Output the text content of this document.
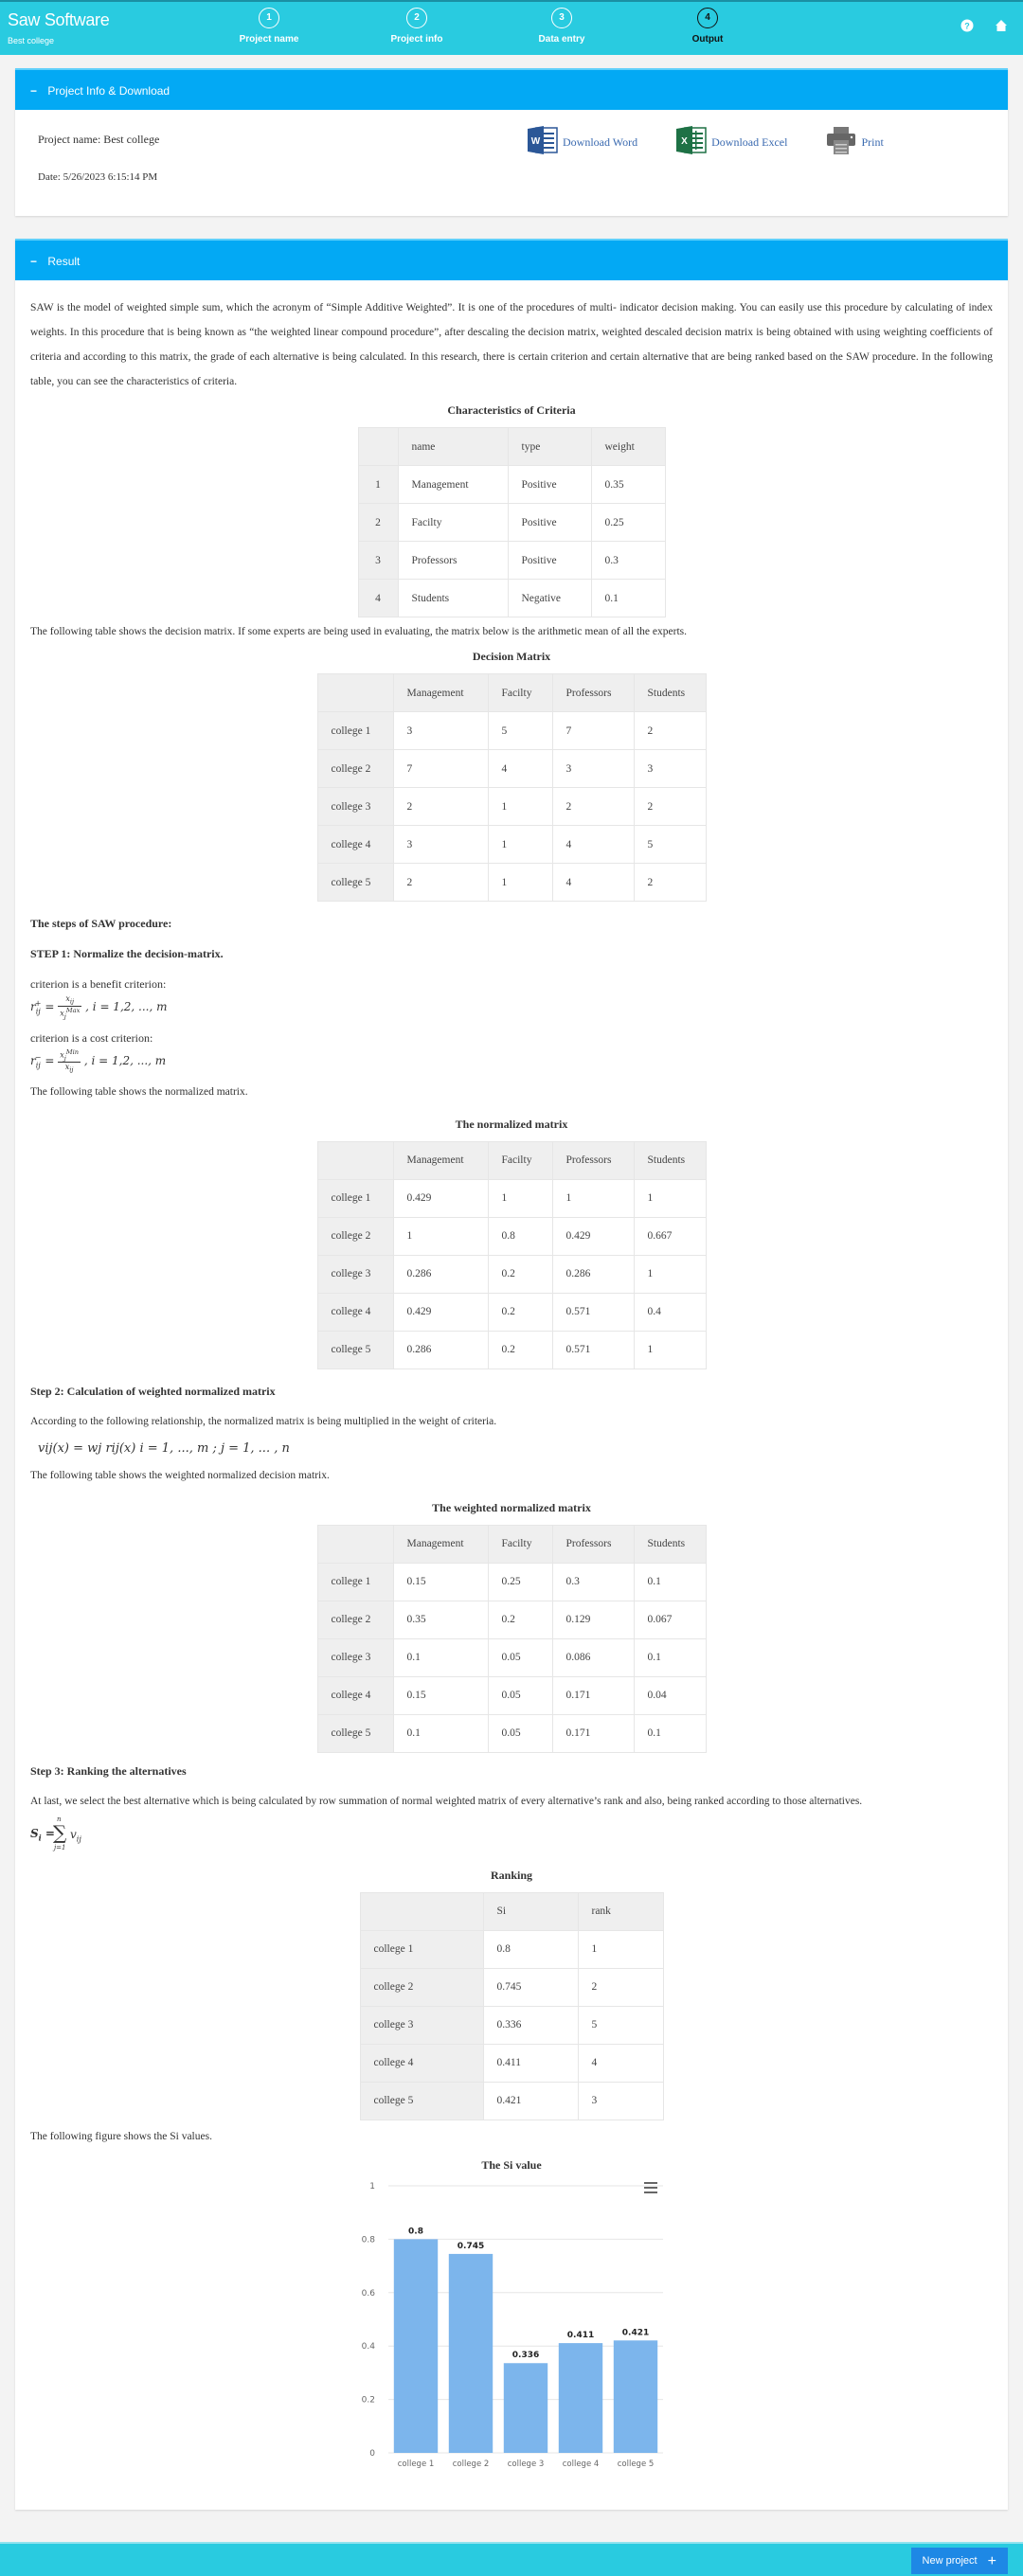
Saw Software
Best college
1
Project name
2
Project info
3
Data entry
4
Output
?
− Project Info & Download
Project name: Best college
Date: 5/26/2023 6:15:14 PM
W Download Word	X Download Excel	Print
− Result

SAW is the model of weighted simple sum, which the acronym of “Simple Additive Weighted”. It is one of the procedures of multi- indicator decision making. You can easily use this procedure by calculating of index weights. In this procedure that is being known as “the weighted linear compound procedure”, after descaling the decision matrix, weighted descaled decision matrix is being obtained with using weighting coefficients of criteria and according to this matrix, the grade of each alternative is being calculated. In this research, there is certain criterion and certain alternative that are being ranked based on the SAW procedure. In the following table, you can see the characteristics of criteria.

Characteristics of Criteria
	name	type	weight
1	Management	Positive	0.35
2	Facilty	Positive	0.25
3	Professors	Positive	0.3
4	Students	Negative	0.1
The following table shows the decision matrix. If some experts are being used in evaluating, the matrix below is the arithmetic mean of all the experts.
Decision Matrix
	Management	Facilty	Professors	Students
college 1	3	5	7	2
college 2	7	4	3	3
college 3	2	1	2	2
college 4	3	1	4	5
college 5	2	1	4	2
The steps of SAW procedure:
STEP 1: Normalize the decision-matrix.
criterion is a benefit criterion:
$r_{ij}^+ = \frac{x_{ij}}{x_j^{Max}}$ , i = 1,2, ..., m
criterion is a cost criterion:
$r_{ij}^- = \frac{x_j^{Min}}{x_{ij}}$ , i = 1,2, ..., m
The following table shows the normalized matrix.
The normalized matrix
	Management	Facilty	Professors	Students
college 1	0.429	1	1	1
college 2	1	0.8	0.429	0.667
college 3	0.286	0.2	0.286	1
college 4	0.429	0.2	0.571	0.4
college 5	0.286	0.2	0.571	1
Step 2: Calculation of weighted normalized matrix
According to the following relationship, the normalized matrix is being multiplied in the weight of criteria.
vij(x) = wj rij(x) i = 1, ..., m ; j = 1, ... , n
The following table shows the weighted normalized decision matrix.
The weighted normalized matrix
	Management	Facilty	Professors	Students
college 1	0.15	0.25	0.3	0.1
college 2	0.35	0.2	0.129	0.067
college 3	0.1	0.05	0.086	0.1
college 4	0.15	0.05	0.171	0.04
college 5	0.1	0.05	0.171	0.1
Step 3: Ranking the alternatives
At last, we select the best alternative which is being calculated by row summation of normal weighted matrix of every alternative’s rank and also, being ranked according to those alternatives.
$S_i$ =
n
∑ $v_{ij}$
j=1
Ranking
	Si	rank
college 1	0.8	1
college 2	0.745	2
college 3	0.336	5
college 4	0.411	4
college 5	0.421	3
The following figure shows the Si values.
The Si value
0
0.2
0.4
0.6
0.8
1
0.8
college 1
0.745
college 2
0.336
college 3
0.411
college 4
0.421
college 5
New project +
